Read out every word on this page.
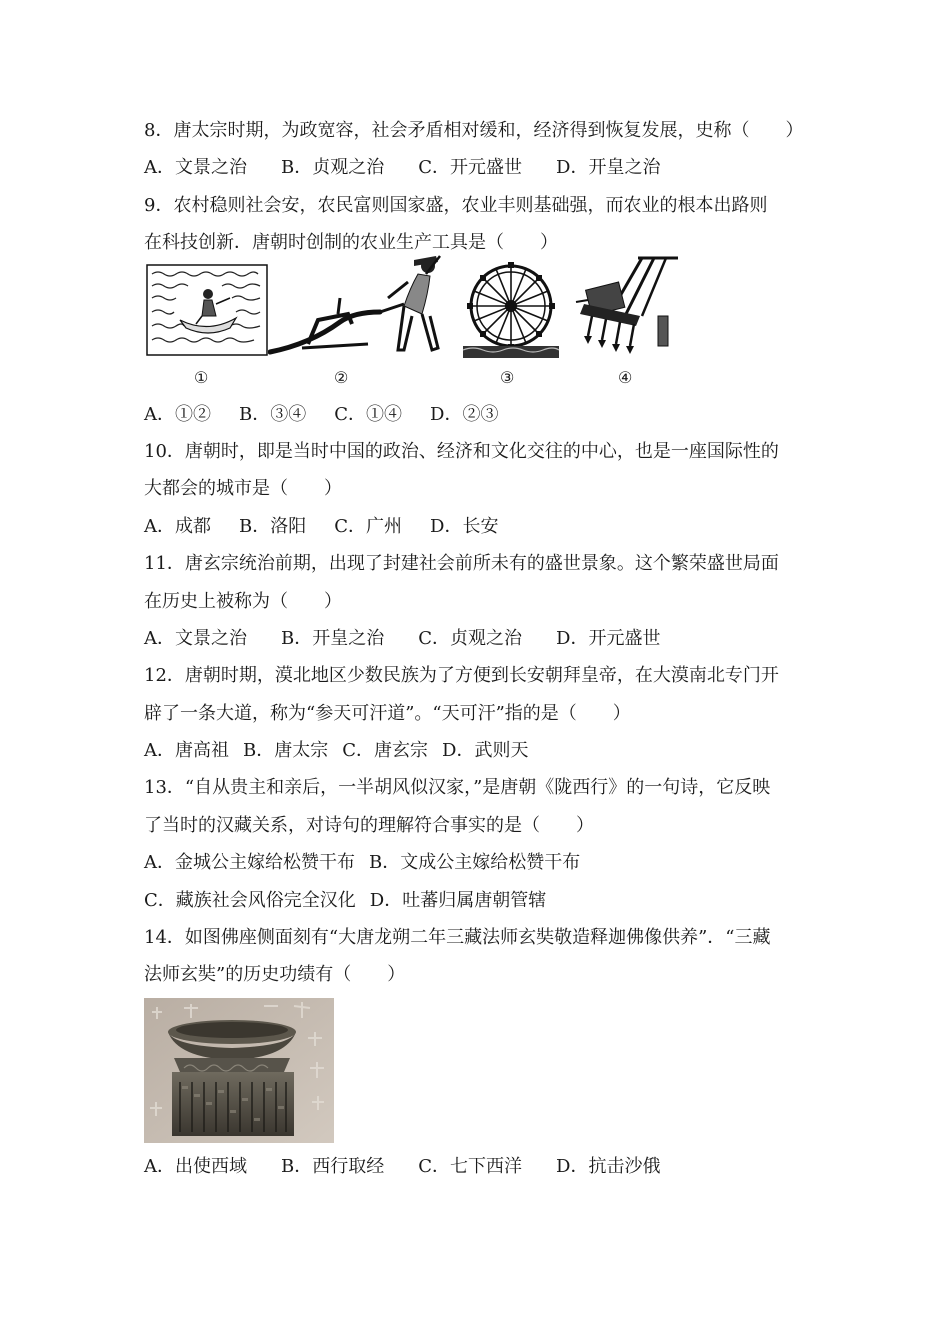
8．唐太宗时期，为政宽容，社会矛盾相对缓和，经济得到恢复发展，史称（　　）
A．文景之治 B．贞观之治 C．开元盛世 D．开皇之治
9．农村稳则社会安，农民富则国家盛，农业丰则基础强，而农业的根本出路则
在科技创新．唐朝时创制的农业生产工具是（　　）
①	②	③	④
A．①② B．③④ C．①④ D．②③
10．唐朝时，即是当时中国的政治、经济和文化交往的中心，也是一座国际性的
大都会的城市是（　　）
A．成都 B．洛阳 C．广州 D．长安
11．唐玄宗统治前期，出现了封建社会前所未有的盛世景象。这个繁荣盛世局面
在历史上被称为（　　）
A．文景之治 B．开皇之治 C．贞观之治 D．开元盛世
12．唐朝时期，漠北地区少数民族为了方便到长安朝拜皇帝，在大漠南北专门开
辟了一条大道，称为“参天可汗道”。“天可汗”指的是（　　）
A．唐高祖 B．唐太宗 C．唐玄宗 D．武则天
13．“自从贵主和亲后，一半胡风似汉家，”是唐朝《陇西行》的一句诗，它反映
了当时的汉藏关系，对诗句的理解符合事实的是（　　）
A．金城公主嫁给松赞干布 B．文成公主嫁给松赞干布
C．藏族社会风俗完全汉化 D．吐蕃归属唐朝管辖
14．如图佛座侧面刻有“大唐龙朔二年三藏法师玄奘敬造释迦佛像供养”．“三藏
法师玄奘”的历史功绩有（　　）
A．出使西域 B．西行取经 C．七下西洋 D．抗击沙俄
